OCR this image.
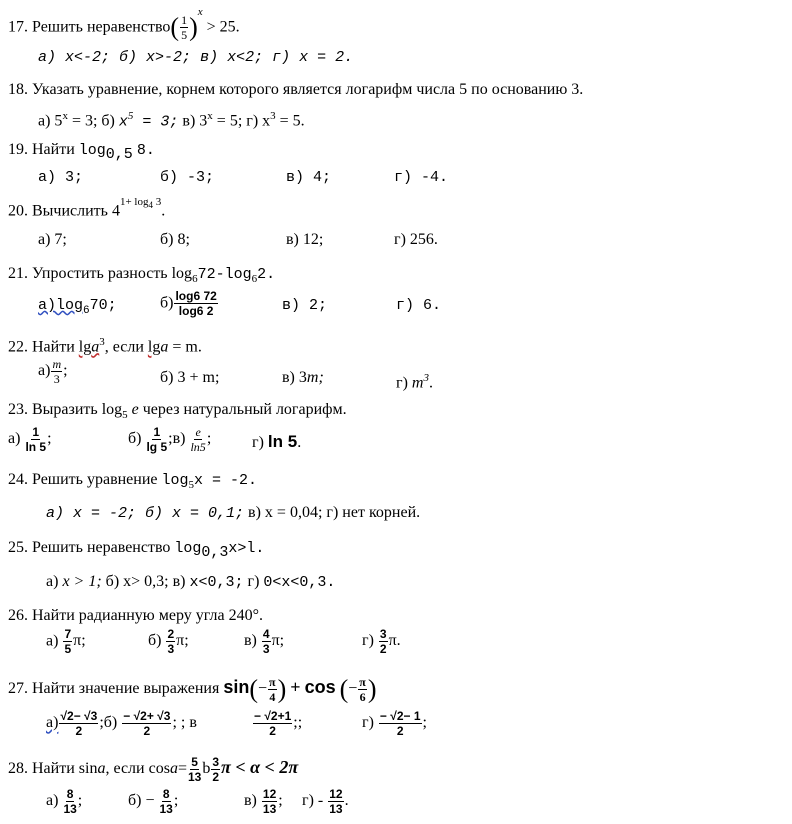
17. Решить неравенство( $\frac{1}{5} )^x > 25$.
а) x<-2; б) x>-2; в) x<2; г) x = 2.
18. Указать уравнение, корнем которого является логарифм числа 5 по основанию 3.
а) $5^x = 3$; б) $x^5 = 3$; в) $3^x = 5$; г) $x^3 = 5$.
19. Найти $\log_{0,5} 8$.
а) 3;	б) -3;	в) 4;	г) -4.
20. Вычислить $4^{1+ log_4 3}$.
а) 7;	б) 8;	в) 12;	г) 256.
21. Упростить разность $\log_672-\log_62$.
$а)\log_670$;	$б) \frac{\log 6 72}{\log 6 2}$	в) 2;	г) 6.
22. Найти lga$^3$, если lga = m.
$а) \frac{m}{3}$ ;	б) 3 + m;	в) 3m;	г) $m^3$.
23. Выразить $\log_5 e$ через натуральный логарифм.
$а) \frac{1}{\ln 5}$ ;	$б) \frac{1}{\lg 5}$ ;в) $\frac{e}{\ln 5}$ ;	г) ln 5.
24. Решить уравнение $\log_5x = -2$.
а) x = -2; б) x = 0,1; в) x = 0,04; г) нет корней.
25. Решить неравенство $\log_{0,3}x>l$.
а) x > 1; б) x> 0,3; в) x<0,3; г) 0<x<0,3.
26. Найти радианную меру угла 240°.
$а) \frac{7}{5} \pi$;	$б) \frac{2}{3} \pi$;	$в) \frac{4}{3} \pi$;	$г) \frac{3}{2} \pi$.
27. Найти значение выражения $\sin(- \frac{\pi}{4}$ ) + cos (− $\frac{\pi}{6}$ )
$а) \frac{√2- √3}{2}$ ;б) $\frac{- √2+ √3}{2}$ ; ; в	$\frac{- √2+1}{2}$ ;;	$г) \frac{- √2- 1}{2}$ ;
28. Найти sina, если $\cos a= \frac{5}{13}$ b $\frac{3}{2}$ π < α < 2π
$а) \frac{8}{13}$ ;	$б) - \frac{8}{13}$ ;	$в) \frac{12}{13}$ ; $г) - \frac{12}{13}$ .
